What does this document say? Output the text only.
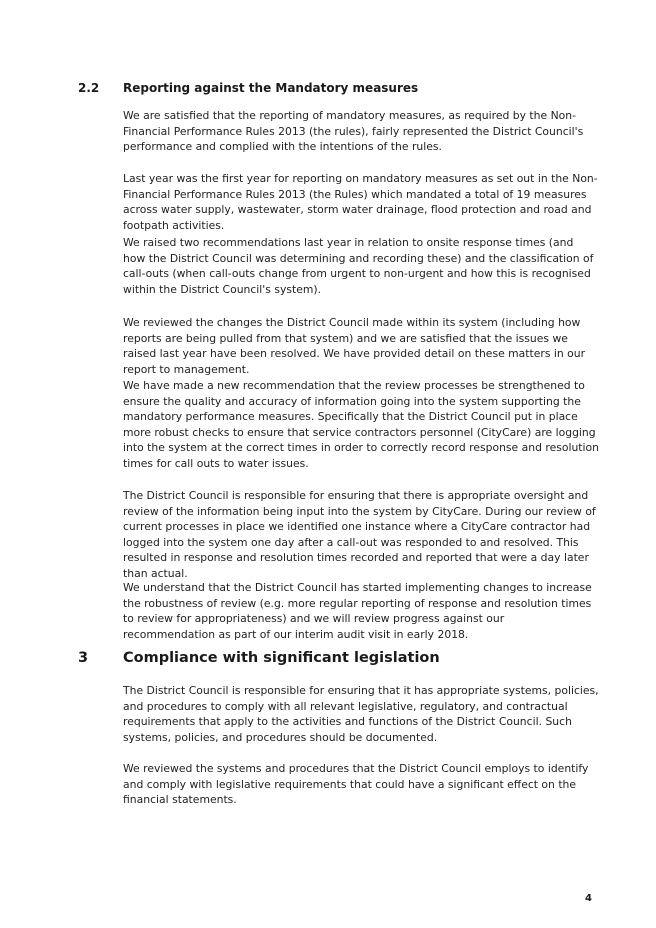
2.2 Reporting against the Mandatory measures

We are satisfied that the reporting of mandatory measures, as required by the Non-Financial Performance Rules 2013 (the rules), fairly represented the District Council's performance and complied with the intentions of the rules.

Last year was the first year for reporting on mandatory measures as set out in the Non-Financial Performance Rules 2013 (the Rules) which mandated a total of 19 measures across water supply, wastewater, storm water drainage, flood protection and road and footpath activities.

We raised two recommendations last year in relation to onsite response times (and how the District Council was determining and recording these) and the classification of call-outs (when call-outs change from urgent to non-urgent and how this is recognised within the District Council's system).

We reviewed the changes the District Council made within its system (including how reports are being pulled from that system) and we are satisfied that the issues we raised last year have been resolved. We have provided detail on these matters in our report to management.

We have made a new recommendation that the review processes be strengthened to ensure the quality and accuracy of information going into the system supporting the mandatory performance measures. Specifically that the District Council put in place more robust checks to ensure that service contractors personnel (CityCare) are logging into the system at the correct times in order to correctly record response and resolution times for call outs to water issues.

The District Council is responsible for ensuring that there is appropriate oversight and review of the information being input into the system by CityCare. During our review of current processes in place we identified one instance where a CityCare contractor had logged into the system one day after a call-out was responded to and resolved. This resulted in response and resolution times recorded and reported that were a day later than actual.

We understand that the District Council has started implementing changes to increase the robustness of review (e.g. more regular reporting of response and resolution times to review for appropriateness) and we will review progress against our recommendation as part of our interim audit visit in early 2018.

3 Compliance with significant legislation

The District Council is responsible for ensuring that it has appropriate systems, policies, and procedures to comply with all relevant legislative, regulatory, and contractual requirements that apply to the activities and functions of the District Council. Such systems, policies, and procedures should be documented.

We reviewed the systems and procedures that the District Council employs to identify and comply with legislative requirements that could have a significant effect on the financial statements.

4
